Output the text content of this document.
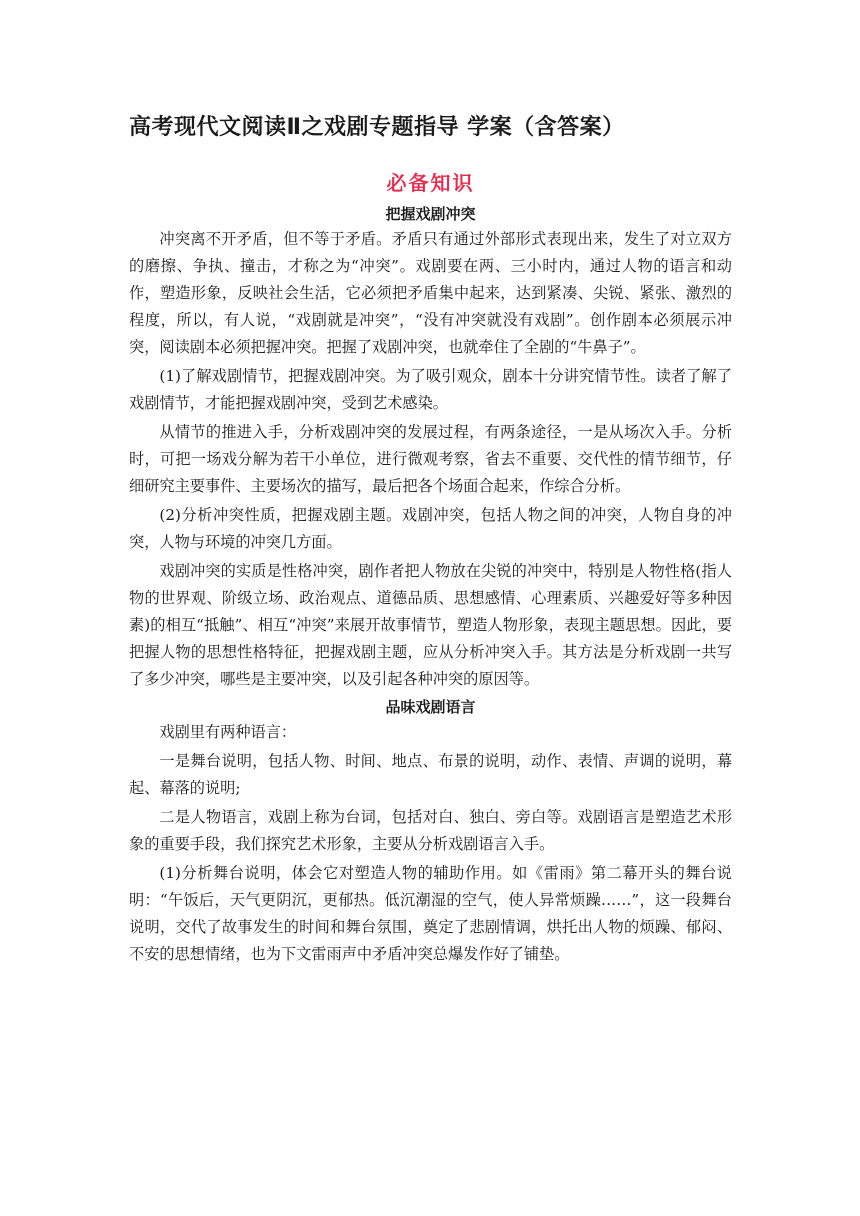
高考现代文阅读Ⅱ之戏剧专题指导 学案（含答案）
必备知识
把握戏剧冲突

冲突离不开矛盾，但不等于矛盾。矛盾只有通过外部形式表现出来，发生了对立双方的磨擦、争执、撞击，才称之为“冲突”。戏剧要在两、三小时内，通过人物的语言和动作，塑造形象，反映社会生活，它必须把矛盾集中起来，达到紧凑、尖锐、紧张、激烈的程度，所以，有人说，“戏剧就是冲突”，“没有冲突就没有戏剧”。创作剧本必须展示冲突，阅读剧本必须把握冲突。把握了戏剧冲突，也就牵住了全剧的“牛鼻子”。

(1)了解戏剧情节，把握戏剧冲突。为了吸引观众，剧本十分讲究情节性。读者了解了戏剧情节，才能把握戏剧冲突，受到艺术感染。

从情节的推进入手，分析戏剧冲突的发展过程，有两条途径，一是从场次入手。分析时，可把一场戏分解为若干小单位，进行微观考察，省去不重要、交代性的情节细节，仔细研究主要事件、主要场次的描写，最后把各个场面合起来，作综合分析。

(2)分析冲突性质，把握戏剧主题。戏剧冲突，包括人物之间的冲突，人物自身的冲突，人物与环境的冲突几方面。

戏剧冲突的实质是性格冲突，剧作者把人物放在尖锐的冲突中，特别是人物性格(指人物的世界观、阶级立场、政治观点、道德品质、思想感情、心理素质、兴趣爱好等多种因素)的相互“抵触”、相互“冲突”来展开故事情节，塑造人物形象，表现主题思想。因此，要把握人物的思想性格特征，把握戏剧主题，应从分析冲突入手。其方法是分析戏剧一共写了多少冲突，哪些是主要冲突，以及引起各种冲突的原因等。

品味戏剧语言

戏剧里有两种语言：

一是舞台说明，包括人物、时间、地点、布景的说明，动作、表情、声调的说明，幕起、幕落的说明;

二是人物语言，戏剧上称为台词，包括对白、独白、旁白等。戏剧语言是塑造艺术形象的重要手段，我们探究艺术形象，主要从分析戏剧语言入手。

(1)分析舞台说明，体会它对塑造人物的辅助作用。如《雷雨》第二幕开头的舞台说明：“午饭后，天气更阴沉，更郁热。低沉潮湿的空气，使人异常烦躁……”，这一段舞台说明，交代了故事发生的时间和舞台氛围，奠定了悲剧情调，烘托出人物的烦躁、郁闷、不安的思想情绪，也为下文雷雨声中矛盾冲突总爆发作好了铺垫。
